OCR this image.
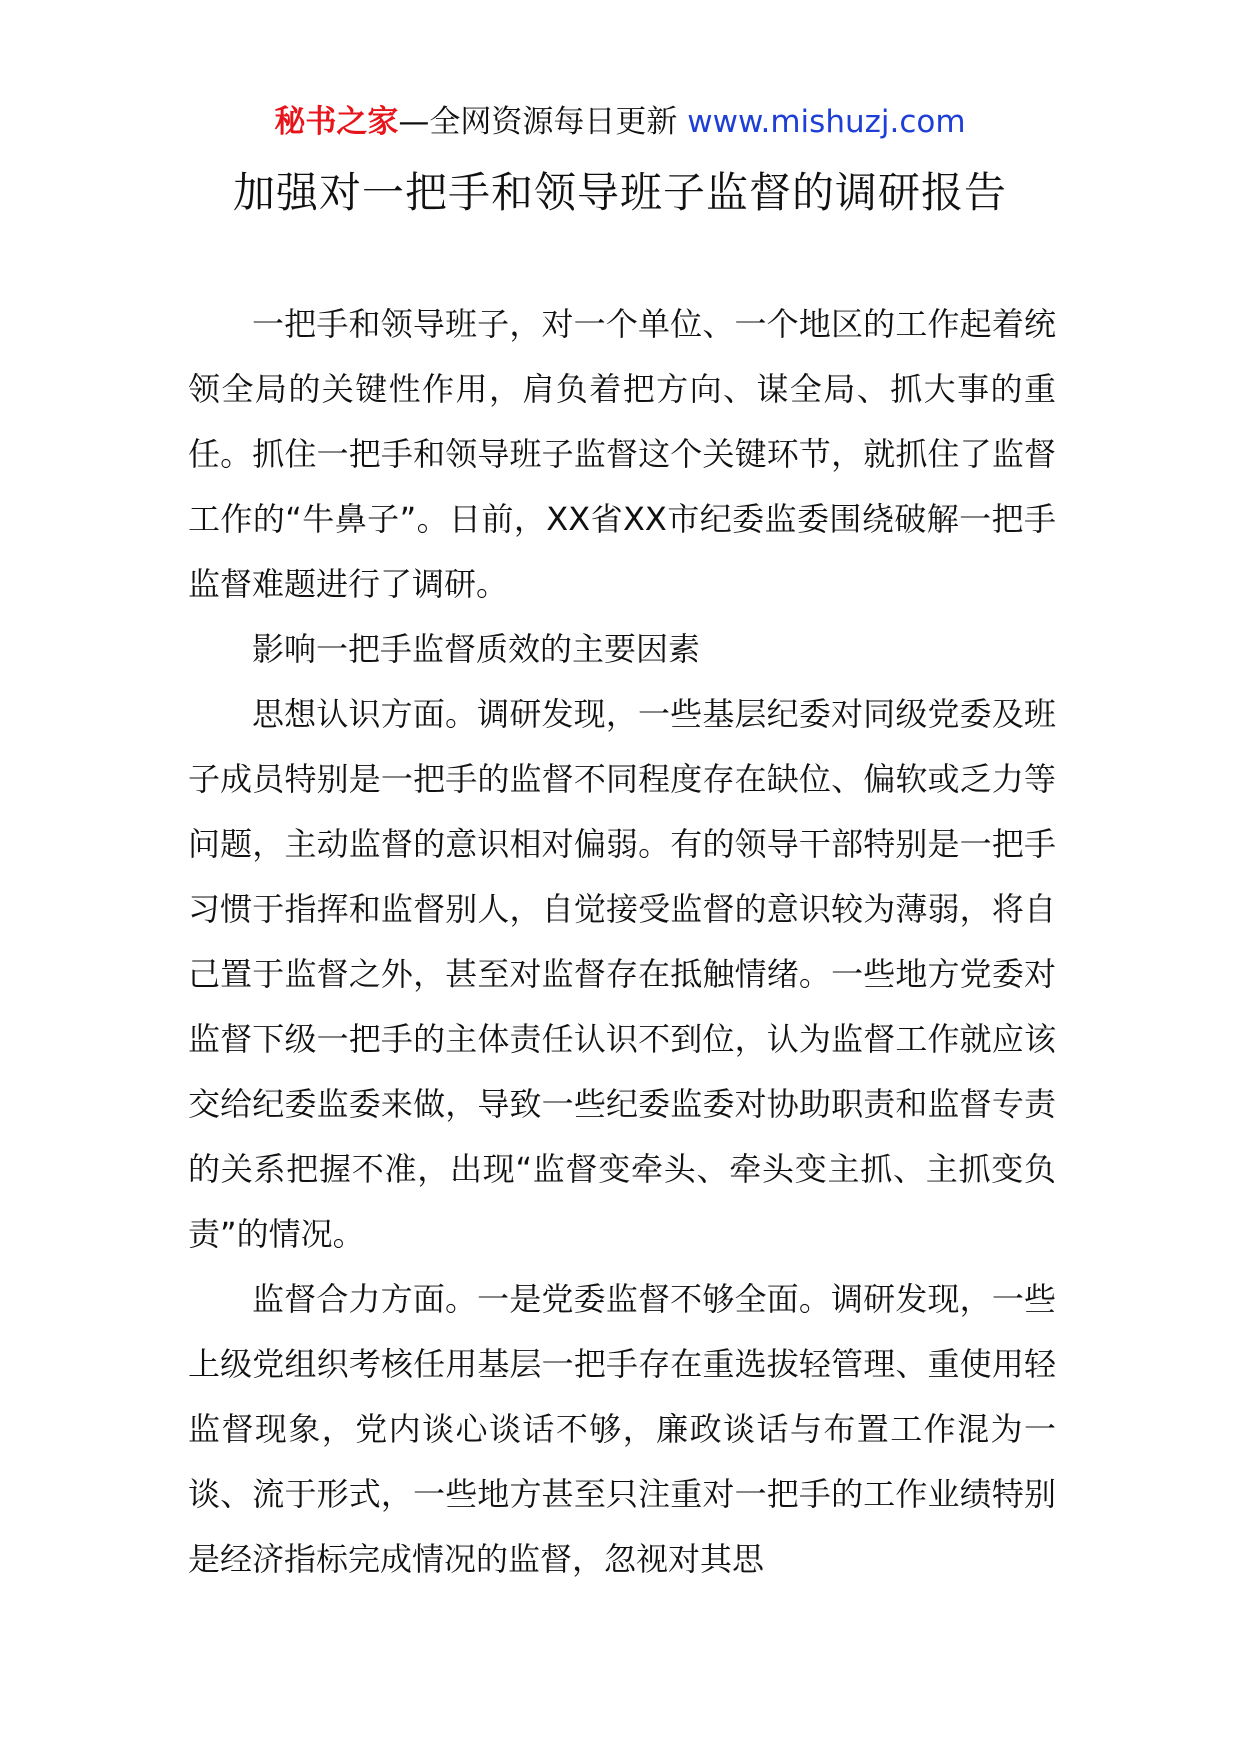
秘书之家—全网资源每日更新 www.mishuzj.com
加强对一把手和领导班子监督的调研报告

一把手和领导班子，对一个单位、一个地区的工作起着统领全局的关键性作用，肩负着把方向、谋全局、抓大事的重任。抓住一把手和领导班子监督这个关键环节，就抓住了监督工作的“牛鼻子”。日前，XX省XX市纪委监委围绕破解一把手监督难题进行了调研。

影响一把手监督质效的主要因素

思想认识方面。调研发现，一些基层纪委对同级党委及班子成员特别是一把手的监督不同程度存在缺位、偏软或乏力等问题，主动监督的意识相对偏弱。有的领导干部特别是一把手习惯于指挥和监督别人，自觉接受监督的意识较为薄弱，将自己置于监督之外，甚至对监督存在抵触情绪。一些地方党委对监督下级一把手的主体责任认识不到位，认为监督工作就应该交给纪委监委来做，导致一些纪委监委对协助职责和监督专责的关系把握不准，出现“监督变牵头、牵头变主抓、主抓变负责”的情况。

监督合力方面。一是党委监督不够全面。调研发现，一些上级党组织考核任用基层一把手存在重选拔轻管理、重使用轻监督现象，党内谈心谈话不够，廉政谈话与布置工作混为一谈、流于形式，一些地方甚至只注重对一把手的工作业绩特别是经济指标完成情况的监督，忽视对其思
